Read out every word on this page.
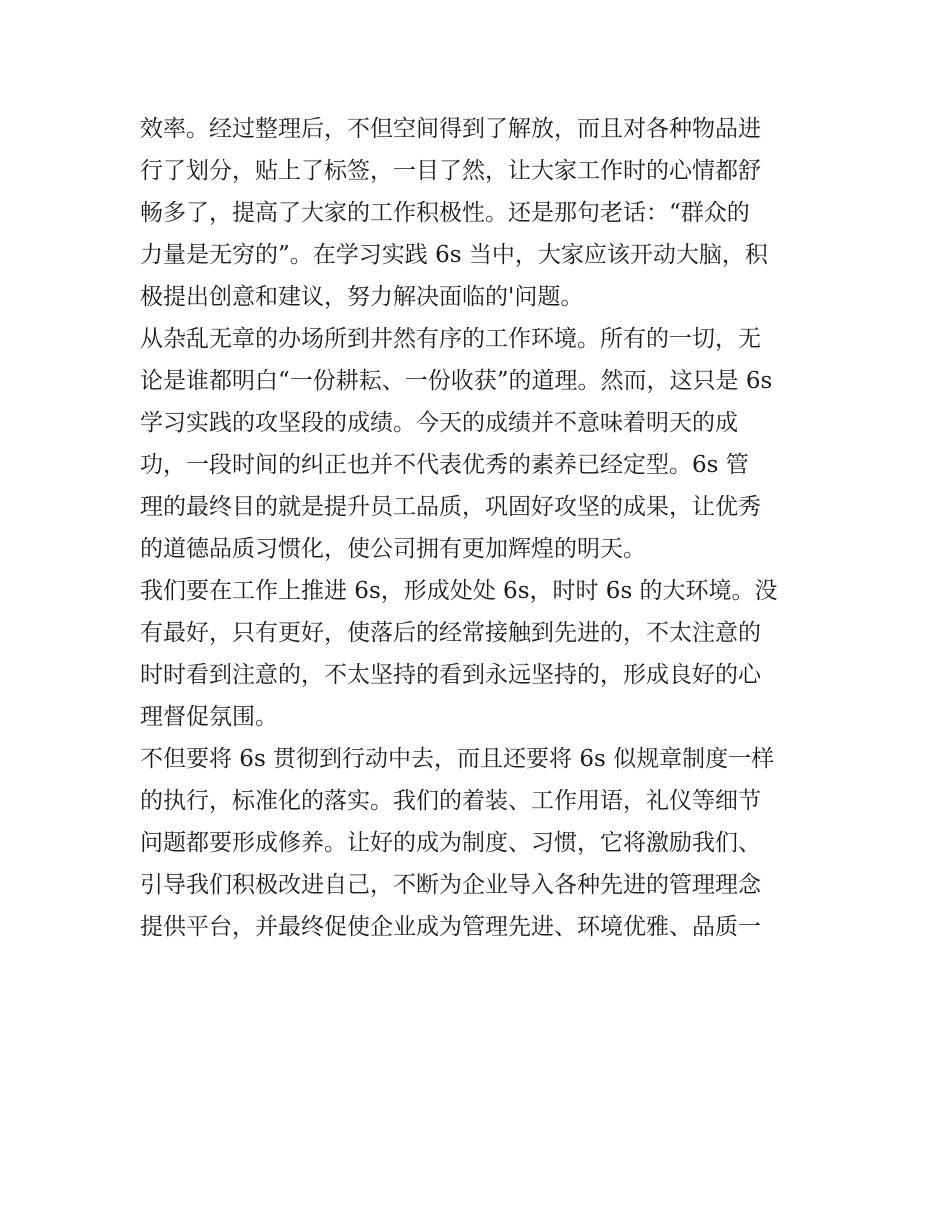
效率。经过整理后，不但空间得到了解放，而且对各种物品进
行了划分，贴上了标签，一目了然，让大家工作时的心情都舒
畅多了，提高了大家的工作积极性。还是那句老话：“群众的
力量是无穷的”。在学习实践 6s 当中，大家应该开动大脑，积
极提出创意和建议，努力解决面临的'问题。
从杂乱无章的办场所到井然有序的工作环境。所有的一切，无
论是谁都明白“一份耕耘、一份收获”的道理。然而，这只是 6s
学习实践的攻坚段的成绩。今天的成绩并不意味着明天的成
功，一段时间的纠正也并不代表优秀的素养已经定型。6s 管
理的最终目的就是提升员工品质，巩固好攻坚的成果，让优秀
的道德品质习惯化，使公司拥有更加辉煌的明天。
我们要在工作上推进 6s，形成处处 6s，时时 6s 的大环境。没
有最好，只有更好，使落后的经常接触到先进的，不太注意的
时时看到注意的，不太坚持的看到永远坚持的，形成良好的心
理督促氛围。
不但要将 6s 贯彻到行动中去，而且还要将 6s 似规章制度一样
的执行，标准化的落实。我们的着装、工作用语，礼仪等细节
问题都要形成修养。让好的成为制度、习惯，它将激励我们、
引导我们积极改进自己，不断为企业导入各种先进的管理理念
提供平台，并最终促使企业成为管理先进、环境优雅、品质一
